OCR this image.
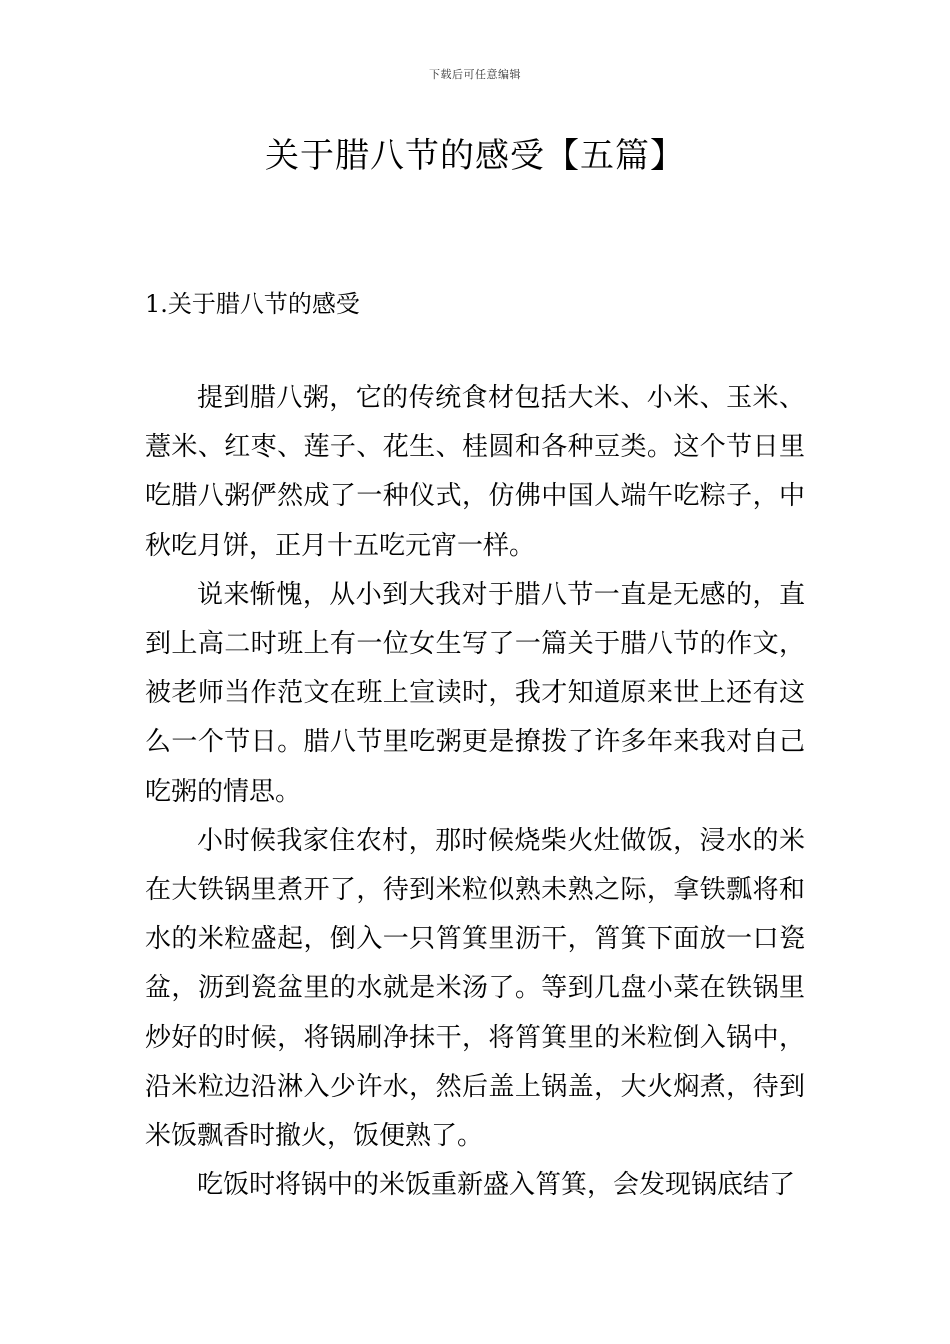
下载后可任意编辑
关于腊八节的感受【五篇】
1.关于腊八节的感受

提到腊八粥，它的传统食材包括大米、小米、玉米、薏米、红枣、莲子、花生、桂圆和各种豆类。这个节日里吃腊八粥俨然成了一种仪式，仿佛中国人端午吃粽子，中秋吃月饼，正月十五吃元宵一样。

说来惭愧，从小到大我对于腊八节一直是无感的，直到上高二时班上有一位女生写了一篇关于腊八节的作文，被老师当作范文在班上宣读时，我才知道原来世上还有这么一个节日。腊八节里吃粥更是撩拨了许多年来我对自己吃粥的情思。

小时候我家住农村，那时候烧柴火灶做饭，浸水的米在大铁锅里煮开了，待到米粒似熟未熟之际，拿铁瓢将和水的米粒盛起，倒入一只筲箕里沥干，筲箕下面放一口瓷盆，沥到瓷盆里的水就是米汤了。等到几盘小菜在铁锅里炒好的时候，将锅刷净抹干，将筲箕里的米粒倒入锅中，沿米粒边沿淋入少许水，然后盖上锅盖，大火焖煮，待到米饭飘香时撤火，饭便熟了。

吃饭时将锅中的米饭重新盛入筲箕，会发现锅底结了
